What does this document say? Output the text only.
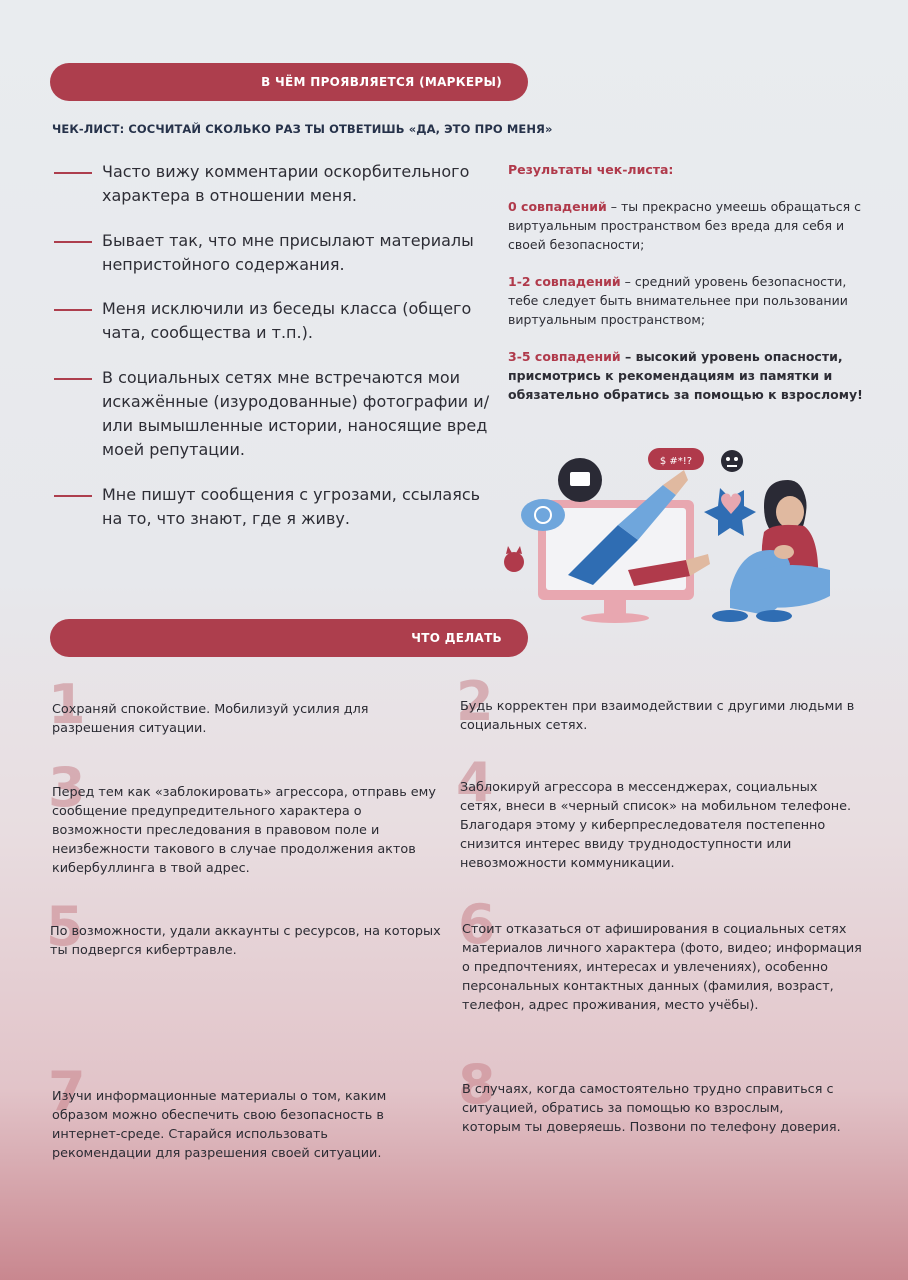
В ЧЁМ ПРОЯВЛЯЕТСЯ (МАРКЕРЫ)
ЧЕК-ЛИСТ: СОСЧИТАЙ СКОЛЬКО РАЗ ТЫ ОТВЕТИШЬ «ДА, ЭТО ПРО МЕНЯ»
Часто вижу комментарии оскорбительного характера в отношении меня.
Бывает так, что мне присылают материалы непристойного содержания.
Меня исключили из беседы класса (общего чата, сообщества и т.п.).
В социальных сетях мне встречаются мои искажённые (изуродованные) фотографии и/или вымышленные истории, наносящие вред моей репутации.
Мне пишут сообщения с угрозами, ссылаясь на то, что знают, где я живу.
Результаты чек-листа:
0 совпадений – ты прекрасно умеешь обращаться с виртуальным пространством без вреда для себя и своей безопасности;
1-2 совпадений – средний уровень безопасности, тебе следует быть внимательнее при пользовании виртуальным пространством;
3-5 совпадений – высокий уровень опасности, присмотрись к рекомендациям из памятки и обязательно обратись за помощью к взрослому!
$ #*!?
ЧТО ДЕЛАТЬ
1
Сохраняй спокойствие. Мобилизуй усилия для разрешения ситуации.	2
Будь корректен при взаимодействии с другими людьми в социальных сетях.
3
Перед тем как «заблокировать» агрессора, отправь ему сообщение предупредительного характера о возможности преследования в правовом поле и неизбежности такового в случае продолжения актов кибербуллинга в твой адрес.
4
Заблокируй агрессора в мессенджерах, социальных сетях, внеси в «черный список» на мобильном телефоне. Благодаря этому у киберпреследователя постепенно снизится интерес ввиду труднодоступности или невозможности коммуникации.
5
По возможности, удали аккаунты с ресурсов, на которых ты подвергся кибертравле.	6
Стоит отказаться от афиширования в социальных сетях материалов личного характера (фото, видео; информация о предпочтениях, интересах и увлечениях), особенно персональных контактных данных (фамилия, возраст, телефон, адрес проживания, место учёбы).
7
Изучи информационные материалы о том, каким образом можно обеспечить свою безопасность в интернет-среде. Старайся использовать рекомендации для разрешения своей ситуации.
8
В случаях, когда самостоятельно трудно справиться с ситуацией, обратись за помощью ко взрослым, которым ты доверяешь. Позвони по телефону доверия.
